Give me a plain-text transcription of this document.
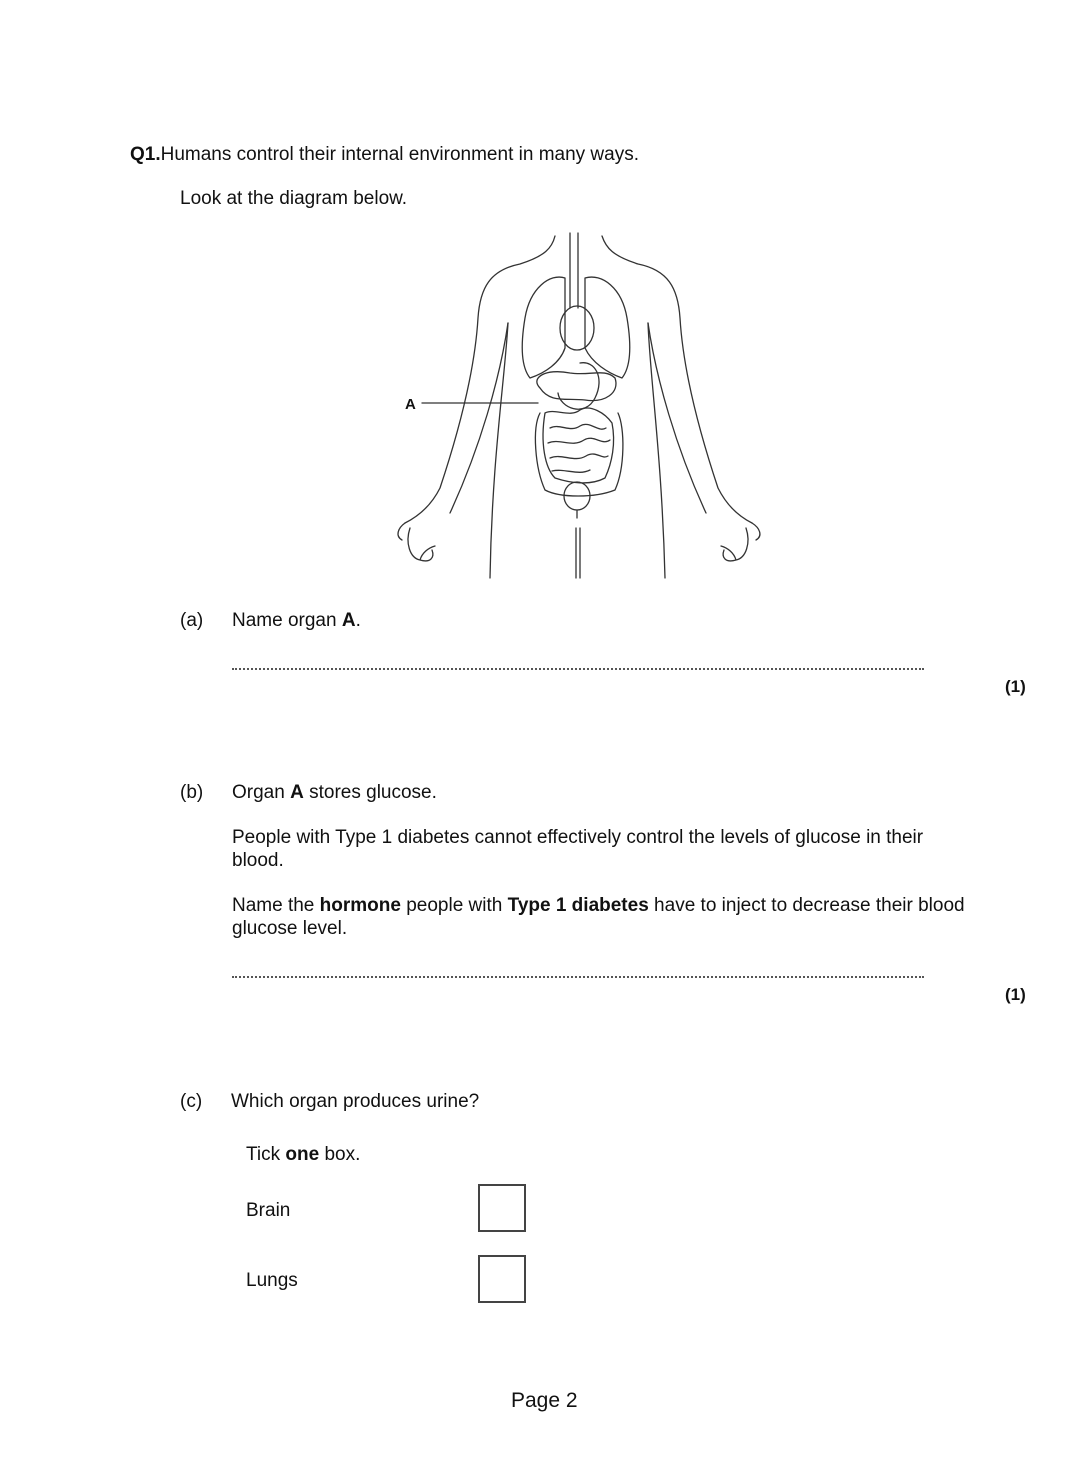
Q1.Humans control their internal environment in many ways.
Look at the diagram below.
A
(a) Name organ A.
(1)
(b) Organ A stores glucose.
People with Type 1 diabetes cannot effectively control the levels of glucose in their blood.
Name the hormone people with Type 1 diabetes have to inject to decrease their blood glucose level.
(1)
(c) Which organ produces urine?
Tick one box.
Brain
Lungs
Page 2
